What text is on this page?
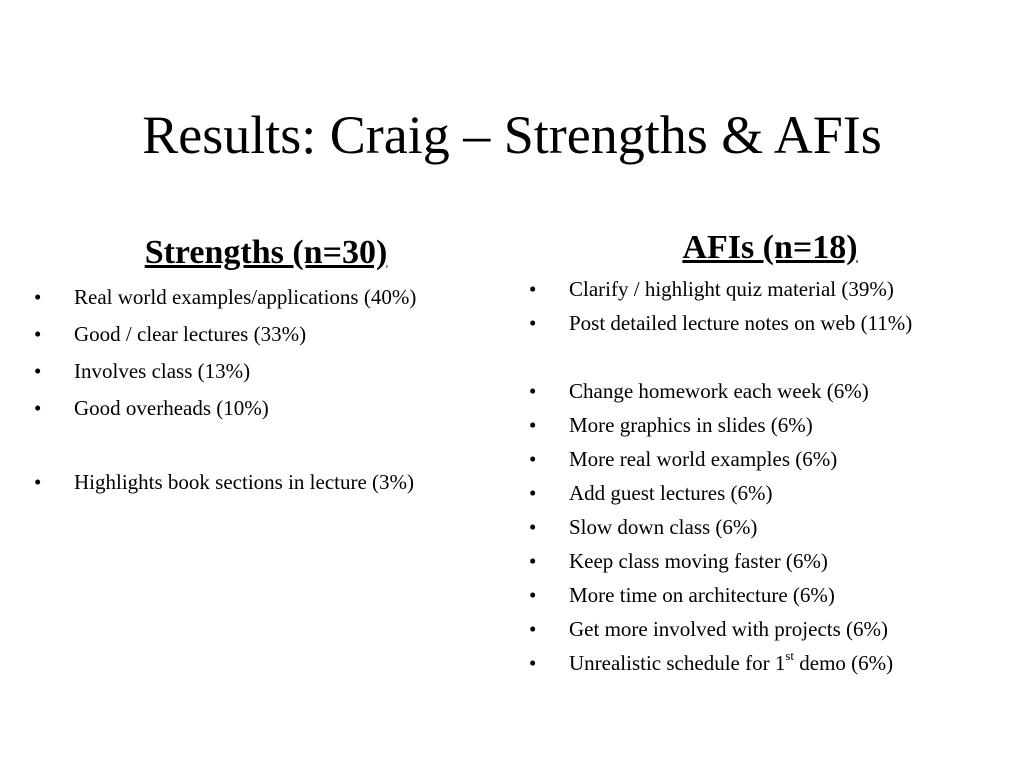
Results: Craig – Strengths & AFIs
Strengths (n=30)
• Real world examples/applications (40%)
• Good / clear lectures (33%)
• Involves class (13%)
• Good overheads (10%)
• Highlights book sections in lecture (3%)
AFIs (n=18)
• Clarify / highlight quiz material (39%)
• Post detailed lecture notes on web (11%)
• Change homework each week (6%)
• More graphics in slides (6%)
• More real world examples (6%)
• Add guest lectures (6%)
• Slow down class (6%)
• Keep class moving faster (6%)
• More time on architecture (6%)
• Get more involved with projects (6%)
• Unrealistic schedule for 1st demo (6%)
